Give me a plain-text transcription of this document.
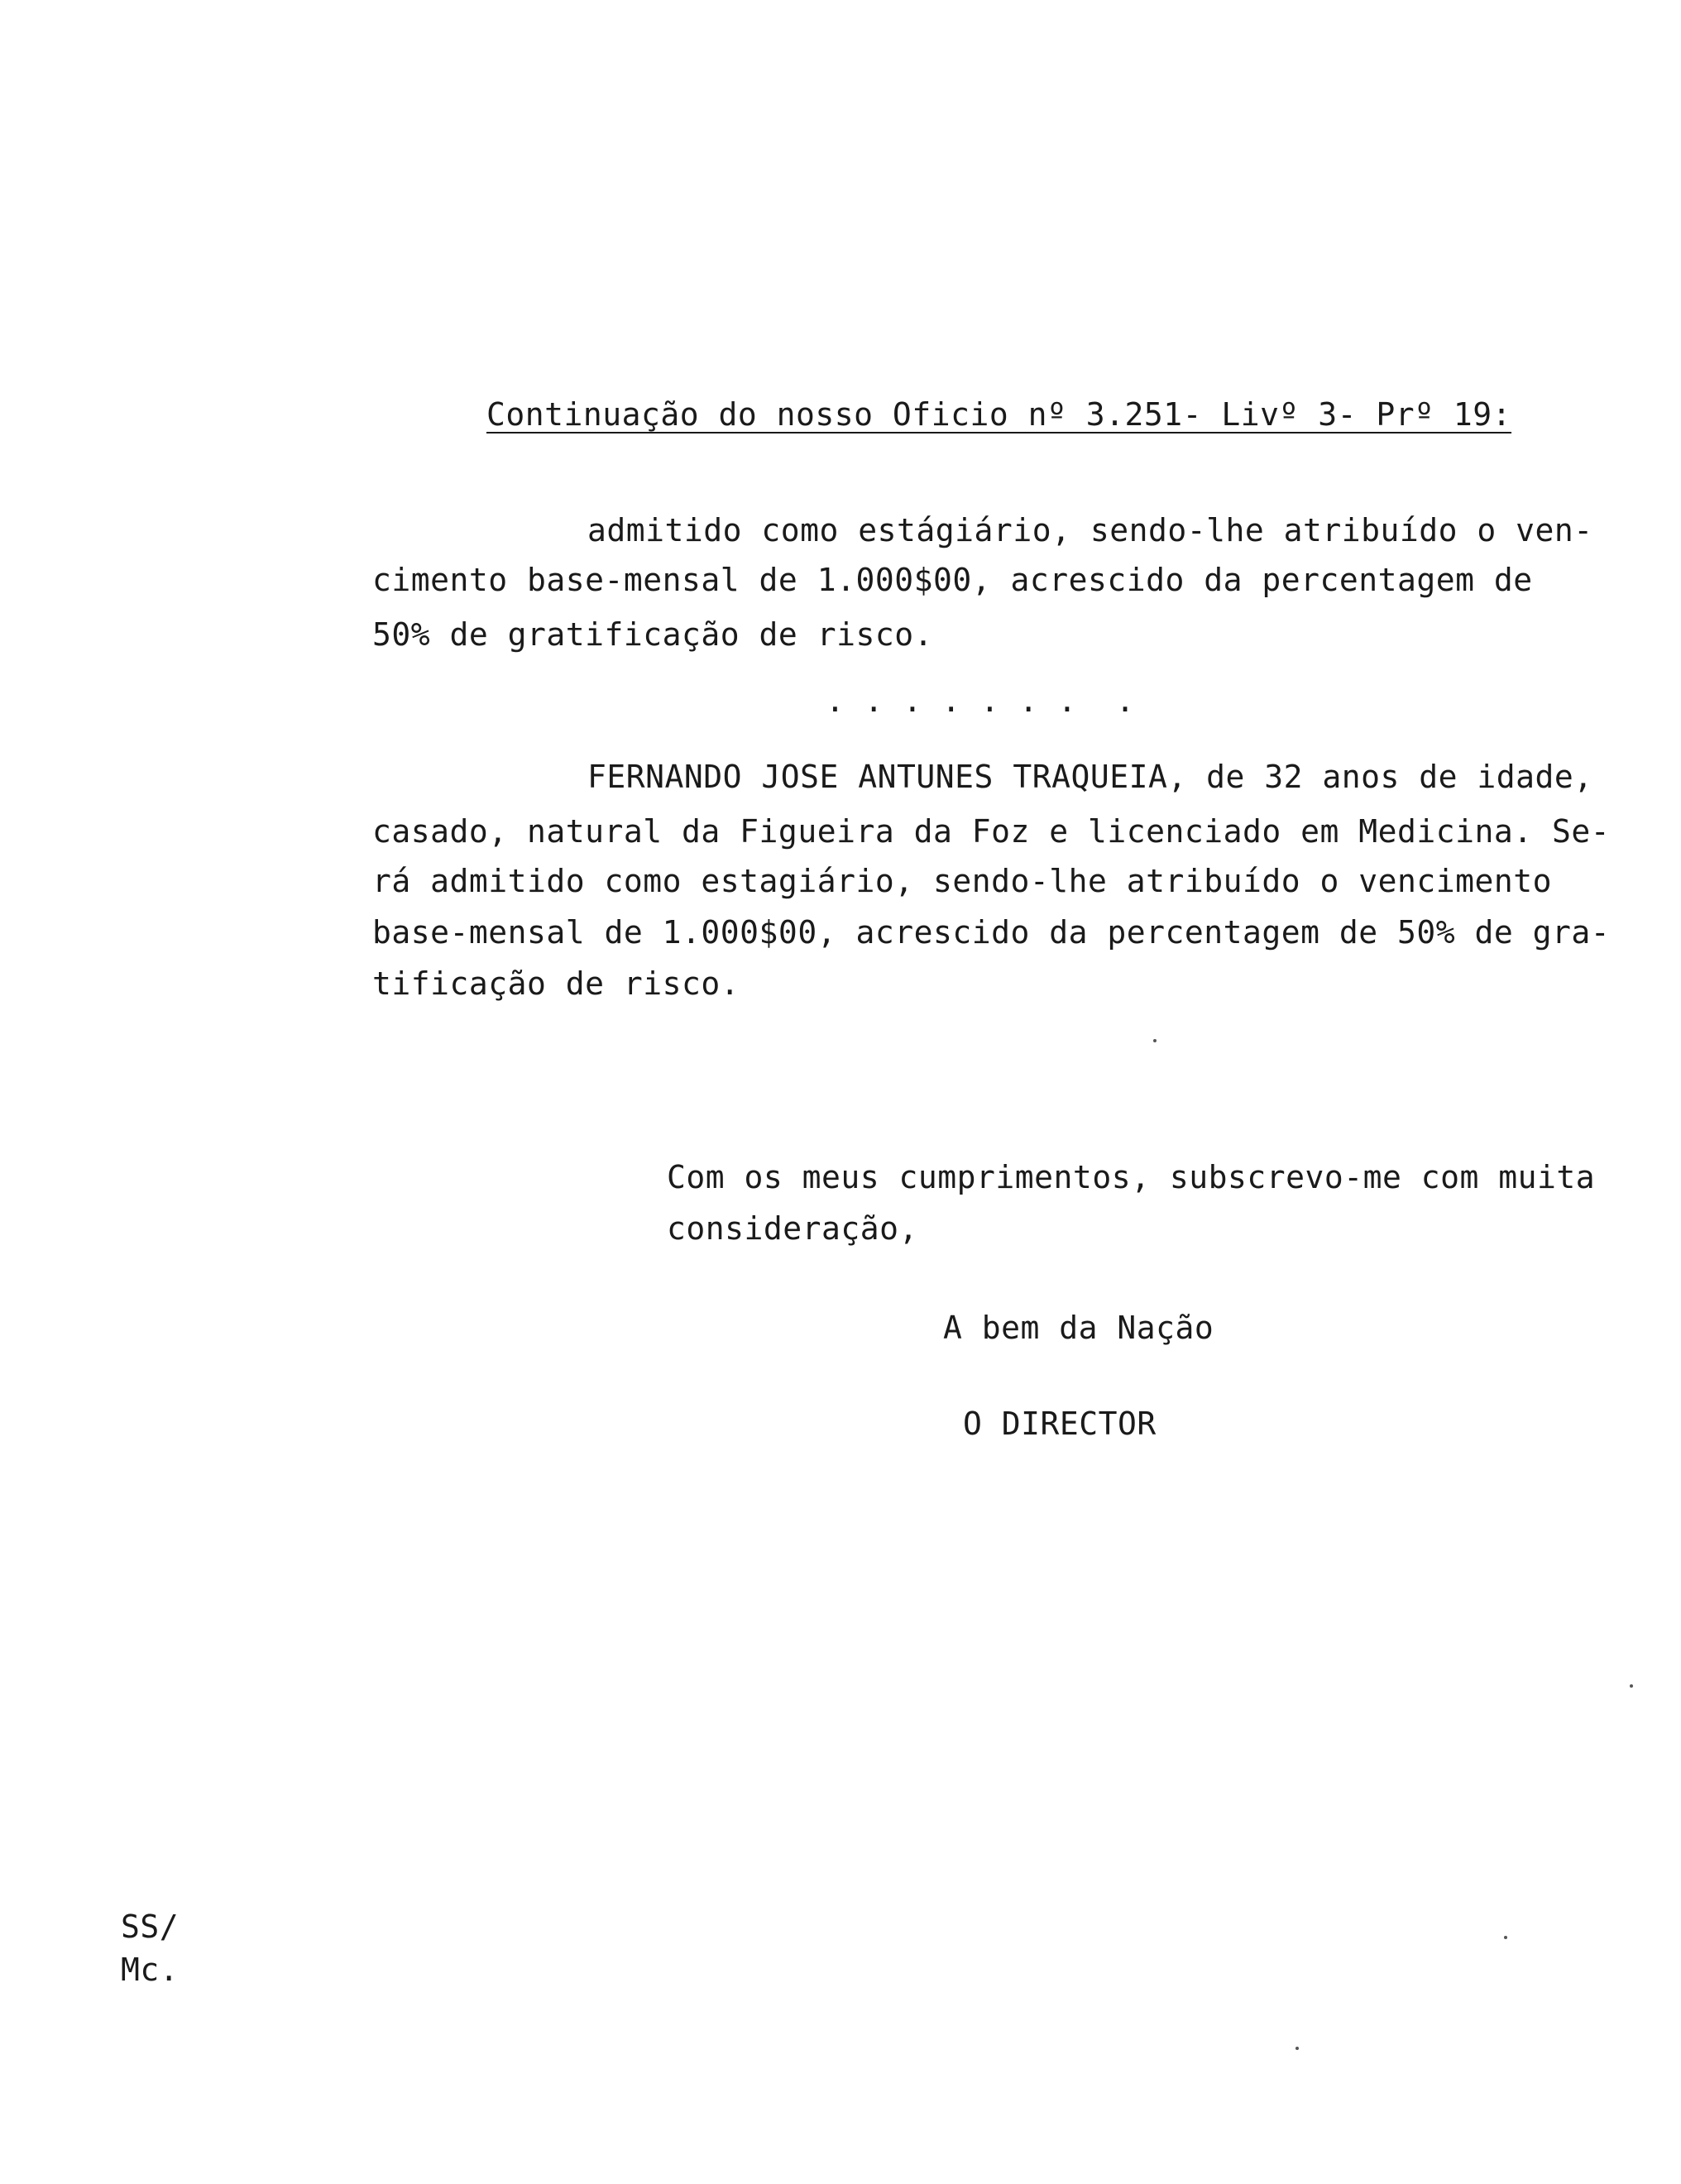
Continuação do nosso Oficio nº 3.251- Livº 3- Prº 19:
admitido como estágiário, sendo-lhe atribuído o ven-
cimento base-mensal de 1.000$00, acrescido da percentagem de
50% de gratificação de risco.
. . . . . . .  .
FERNANDO JOSE ANTUNES TRAQUEIA, de 32 anos de idade,
casado, natural da Figueira da Foz e licenciado em Medicina. Se-
rá admitido como estagiário, sendo-lhe atribuído o vencimento
base-mensal de 1.000$00, acrescido da percentagem de 50% de gra-
tificação de risco.
Com os meus cumprimentos, subscrevo-me com muita
consideração,
A bem da Nação
O DIRECTOR
SS/
Mc.
